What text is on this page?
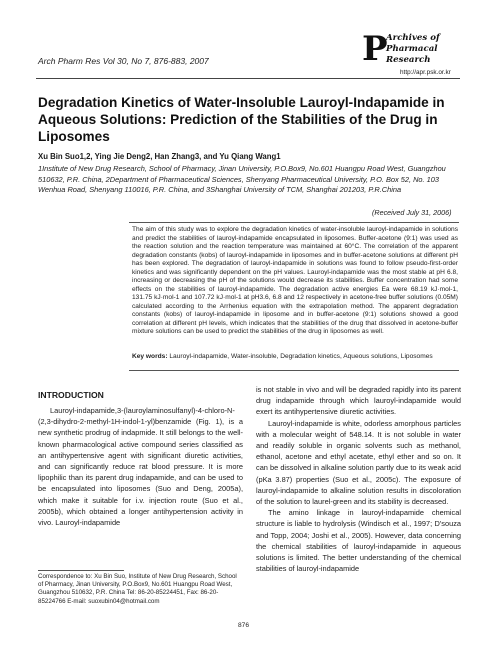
Arch Pharm Res Vol 30, No 7, 876-883, 2007	P
Archives of
Pharmacal Research
http://apr.psk.or.kr
Degradation Kinetics of Water-Insoluble Lauroyl-Indapamide in Aqueous Solutions: Prediction of the Stabilities of the Drug in Liposomes
Xu Bin Suo1,2, Ying Jie Deng2, Han Zhang3, and Yu Qiang Wang1
1Institute of New Drug Research, School of Pharmacy, Jinan University, P.O.Box9, No.601 Huangpu Road West, Guangzhou 510632, P.R. China, 2Department of Pharmaceutical Sciences, Shenyang Pharmaceutical University, P.O. Box 52, No. 103 Wenhua Road, Shenyang 110016, P.R. China, and 3Shanghai University of TCM, Shanghai 201203, P.R.China
(Received July 31, 2006)
The aim of this study was to explore the degradation kinetics of water-insoluble lauroyl-indapamide in solutions and predict the stabilities of lauroyl-indapamide encapsulated in liposomes. Buffer-acetone (9:1) was used as the reaction solution and the reaction temperature was maintained at 60°C. The correlation of the apparent degradation constants (kobs) of lauroyl-indapamide in liposomes and in buffer-acetone solutions at different pH has been explored. The degradation of lauroyl-indapamide in solutions was found to follow pseudo-first-order kinetics and was significantly dependent on the pH values. Lauroyl-indapamide was the most stable at pH 6.8, increasing or decreasing the pH of the solutions would decrease its stabilities. Buffer concentration had some effects on the stabilities of lauroyl-indapamide. The degradation active energies Ea were 68.19 kJ·mol-1, 131.75 kJ·mol-1 and 107.72 kJ·mol-1 at pH3.6, 6.8 and 12 respectively in acetone-free buffer solutions (0.05M) calculated according to the Arrhenius equation with the extrapolation method. The apparent degradation constants (kobs) of lauroyl-indapamide in liposome and in buffer-acetone (9:1) solutions showed a good correlation at different pH levels, which indicates that the stabilities of the drug that dissolved in acetone-buffer mixture solutions can be used to predict the stabilities of the drug in liposomes as well.
Key words: Lauroyl-indapamide, Water-insoluble, Degradation kinetics, Aqueous solutions, Liposomes
INTRODUCTION

Lauroyl-indapamide,3-(lauroylaminosulfanyl)-4-chloro-N-(2,3-dihydro-2-methyl-1H-indol-1-yl)benzamide (Fig. 1), is a new synthetic prodrug of indapmide. It still belongs to the well-known pharmacological active compound series classified as an antihypertensive agent with significant diuretic activities, and can significantly reduce rat blood pressure. It is more lipophilic than its parent drug indapamide, and can be used to be encapsulated into liposomes (Suo and Deng, 2005a), which make it suitable for i.v. injection route (Suo et al., 2005b), which obtained a longer antihypertension activity in vivo. Lauroyl-indapamide

is not stable in vivo and will be degraded rapidly into its parent drug indapamide through which lauroyl-indapamide would exert its antihypertensive diuretic activities.

Lauroyl-indapamide is white, odorless amorphous particles with a molecular weight of 548.14. It is not soluble in water and readily soluble in organic solvents such as methanol, ethanol, acetone and ethyl acetate, ethyl ether and so on. It can be dissolved in alkaline solution partly due to its weak acid (pKa 3.87) properties (Suo et al., 2005c). The exposure of lauroyl-indapamide to alkaline solution results in discoloration of the solution to laurel-green and its stability is decreased.

The amino linkage in lauroyl-indapamide chemical structure is liable to hydrolysis (Windisch et al., 1997; D'souza and Topp, 2004; Joshi et al., 2005). However, data concerning the chemical stabilities of lauroyl-indapamide in aqueous solutions is limited. The better understanding of the chemical stabilities of lauroyl-indapamide

Correspondence to: Xu Bin Suo, Institute of New Drug Research, School of Pharmacy, Jinan University, P.O.Box9, No.601 Huangpu Road West, Guangzhou 510632, P.R. China Tel: 86-20-85224451, Fax: 86-20-85224766 E-mail: suoxubin04@hotmail.com
876
